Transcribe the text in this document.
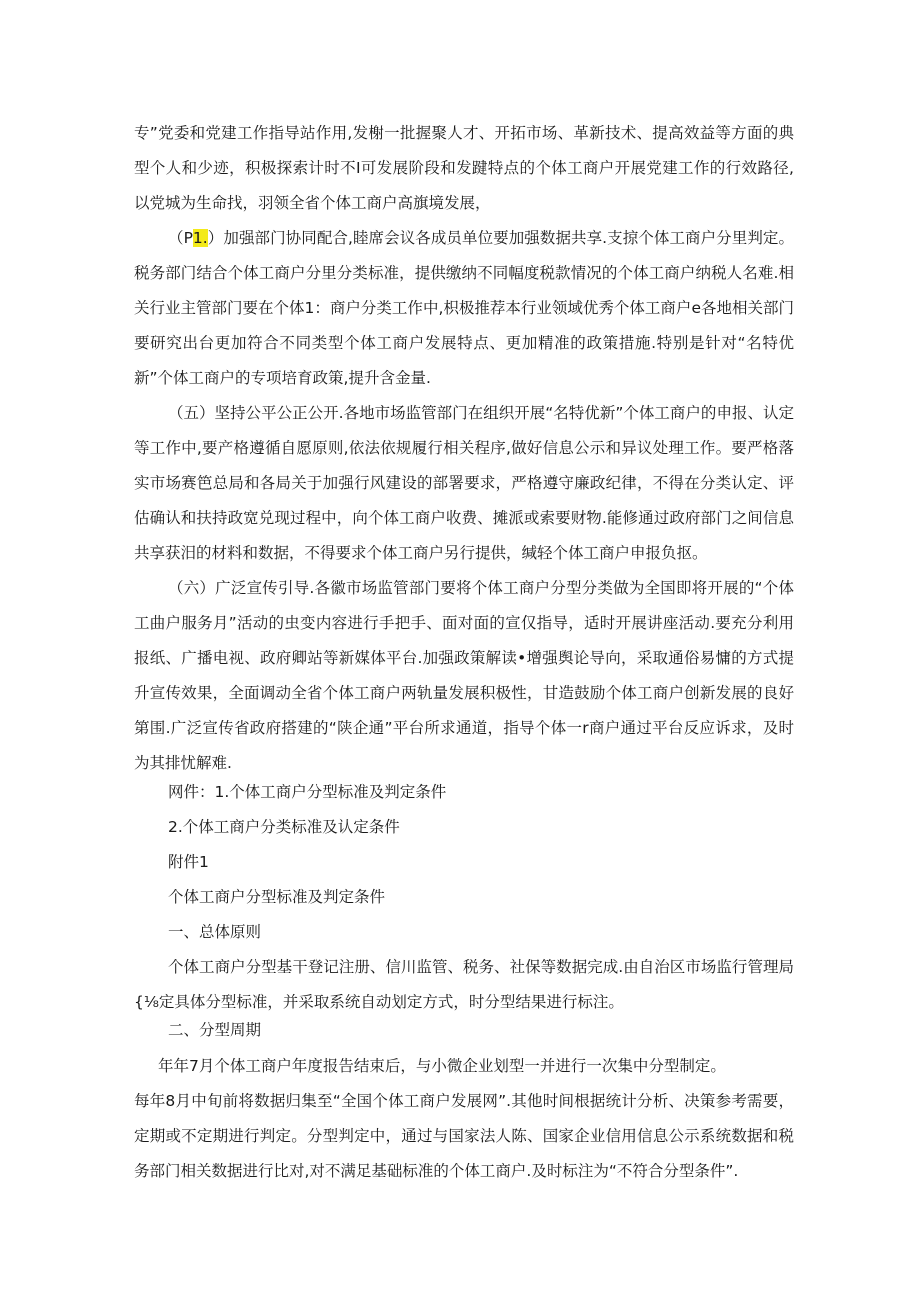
专”党委和党建工作指导站作用,发榭一批握聚人才、开拓市场、革新技术、提高效益等方面的典型个人和少迹，积极探索计时不I可发展阶段和发踺特点的个体工商户开展党建工作的行效路径,以党城为生命找，羽领全省个体工商户高旗境发展，

（P1.）加强部门协同配合,睦席会议各成员单位要加强数据共享.支掠个体工商户分里判定。税务部门结合个体工商户分里分类标准，提供缴纳不同幅度税款情况的个体工商户纳税人名难.相关行业主管部门要在个体1：商户分类工作中,枳极推荐本行业领域优秀个体工商户e各地相关部门要研究出台更加符合不同类型个体工商户发展特点、更加精准的政策措施.特别是针对“名特优新”个体工商户的专项培育政策,提升含金量.

（五）坚持公平公正公开.各地市场监管部门在组织开展“名特优新”个体工商户的申报、认定等工作中,要产格遵循自愿原则,依法依规履行相关程序,做好信息公示和异议处理工作。要严格落实市场赛笆总局和各局关于加强行风建设的部署要求，严格遵守廉政纪律，不得在分类认定、评估确认和扶持政宽兑现过程中，向个体工商户收费、摊派或索要财物.能修通过政府部门之间信息共享获汨的材料和数据，不得要求个体工商户另行提供，缄轻个体工商户申报负抠。

（六）广泛宣传引导.各徽市场监管部门要将个体工商户分型分类做为全国即将开展的“个体工曲户服务月”活动的虫变内容进行手把手、面对面的宣仅指导，适时开展讲座活动.要充分利用报纸、广播电视、政府卿站等新媒体平台.加强政策解读•增强舆论导向，采取通俗易慵的方式提升宣传效果，全面调动全省个体工商户两轨量发展积极性，甘造鼓励个体工商户创新发展的良好第围.广泛宣传省政府搭建的“陕企通”平台所求通道，指导个体一r商户通过平台反应诉求，及时为其排忧解难.

网件：1.个体工商户分型标准及判定条件
2.个体工商户分类标准及认定条件
附件1
个体工商户分型标准及判定条件
一、总体原则

个体工商户分型基干登记注册、信川监管、税务、社保等数据完成.由自治区市场监行管理局{⅛定具体分型标准，并采取系统自动划定方式，时分型结果进行标注。

二、分型周期
年年7月个体工商户年度报告结束后，与小微企业划型一并进行一次集中分型制定。

每年8月中旬前将数据归集至“全国个体工商户发展网”.其他时间根据统计分析、决策参考需要，定期或不定期进行判定。分型判定中，通过与国家法人陈、国家企业信用信息公示系统数据和税务部门相关数据进行比对,对不满足基础标准的个体工商户.及时标注为“不符合分型条件”.
